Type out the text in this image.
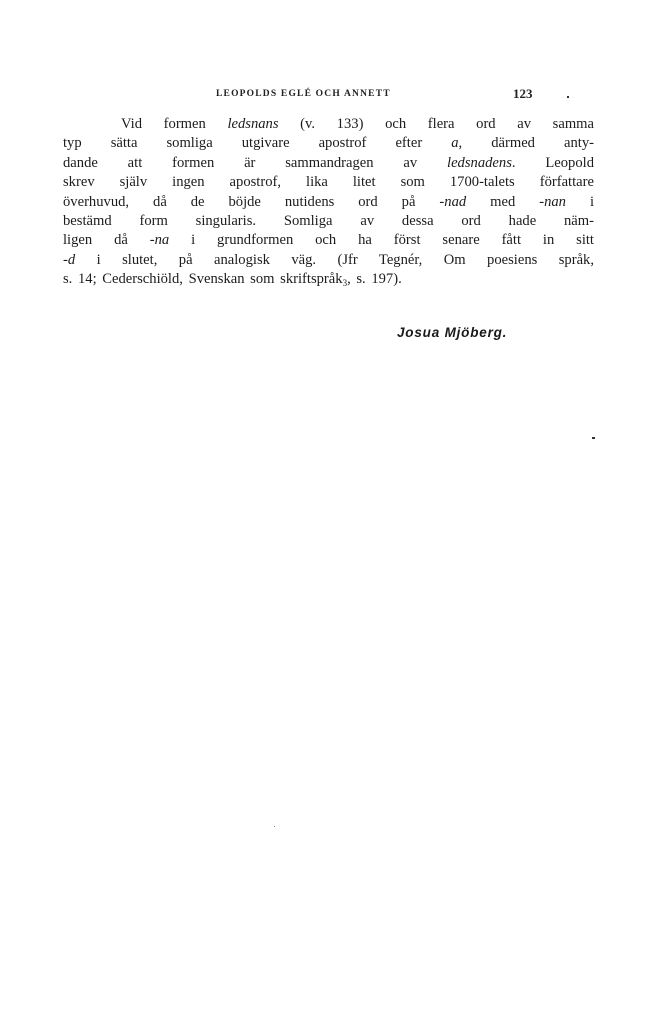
LEOPOLDS EGLÉ OCH ANNETT	123
Vid formen ledsnans (v. 133) och flera ord av samma
typ sätta somliga utgivare apostrof efter a, därmed anty-
dande att formen är sammandragen av ledsnadens. Leopold
skrev själv ingen apostrof, lika litet som 1700-talets författare
överhuvud, då de böjde nutidens ord på -nad med -nan i
bestämd form singularis. Somliga av dessa ord hade näm-
ligen då -na i grundformen och ha först senare fått in sitt
-d i slutet, på analogisk väg. (Jfr Tegnér, Om poesiens språk,
s. 14; Cederschiöld, Svenskan som skriftspråk$_3$, s. 197).
Josua Mjöberg.
